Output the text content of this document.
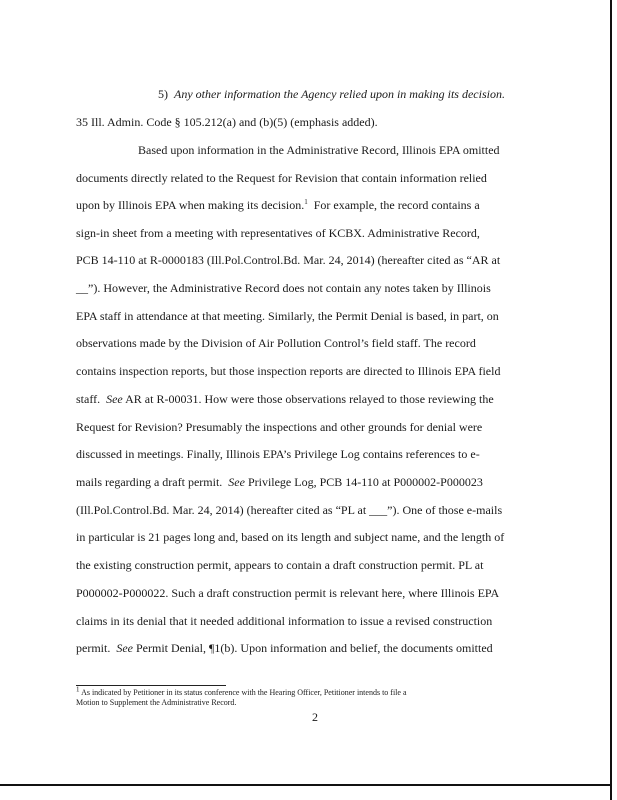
5) Any other information the Agency relied upon in making its decision.
35 Ill. Admin. Code § 105.212(a) and (b)(5) (emphasis added).
Based upon information in the Administrative Record, Illinois EPA omitted
documents directly related to the Request for Revision that contain information relied
upon by Illinois EPA when making its decision.$^1$ For example, the record contains a
sign-in sheet from a meeting with representatives of KCBX. Administrative Record,
PCB 14-110 at R-0000183 (Ill.Pol.Control.Bd. Mar. 24, 2014) (hereafter cited as “AR at
__”). However, the Administrative Record does not contain any notes taken by Illinois
EPA staff in attendance at that meeting. Similarly, the Permit Denial is based, in part, on
observations made by the Division of Air Pollution Control’s field staff. The record
contains inspection reports, but those inspection reports are directed to Illinois EPA field
staff. See AR at R-00031. How were those observations relayed to those reviewing the
Request for Revision? Presumably the inspections and other grounds for denial were
discussed in meetings. Finally, Illinois EPA’s Privilege Log contains references to e-
mails regarding a draft permit. See Privilege Log, PCB 14-110 at P000002-P000023
(Ill.Pol.Control.Bd. Mar. 24, 2014) (hereafter cited as “PL at ___”). One of those e-mails
in particular is 21 pages long and, based on its length and subject name, and the length of
the existing construction permit, appears to contain a draft construction permit. PL at
P000002-P000022. Such a draft construction permit is relevant here, where Illinois EPA
claims in its denial that it needed additional information to issue a revised construction
permit. See Permit Denial, ¶1(b). Upon information and belief, the documents omitted
$^1$ As indicated by Petitioner in its status conference with the Hearing Officer, Petitioner intends to file a
Motion to Supplement the Administrative Record.
2
